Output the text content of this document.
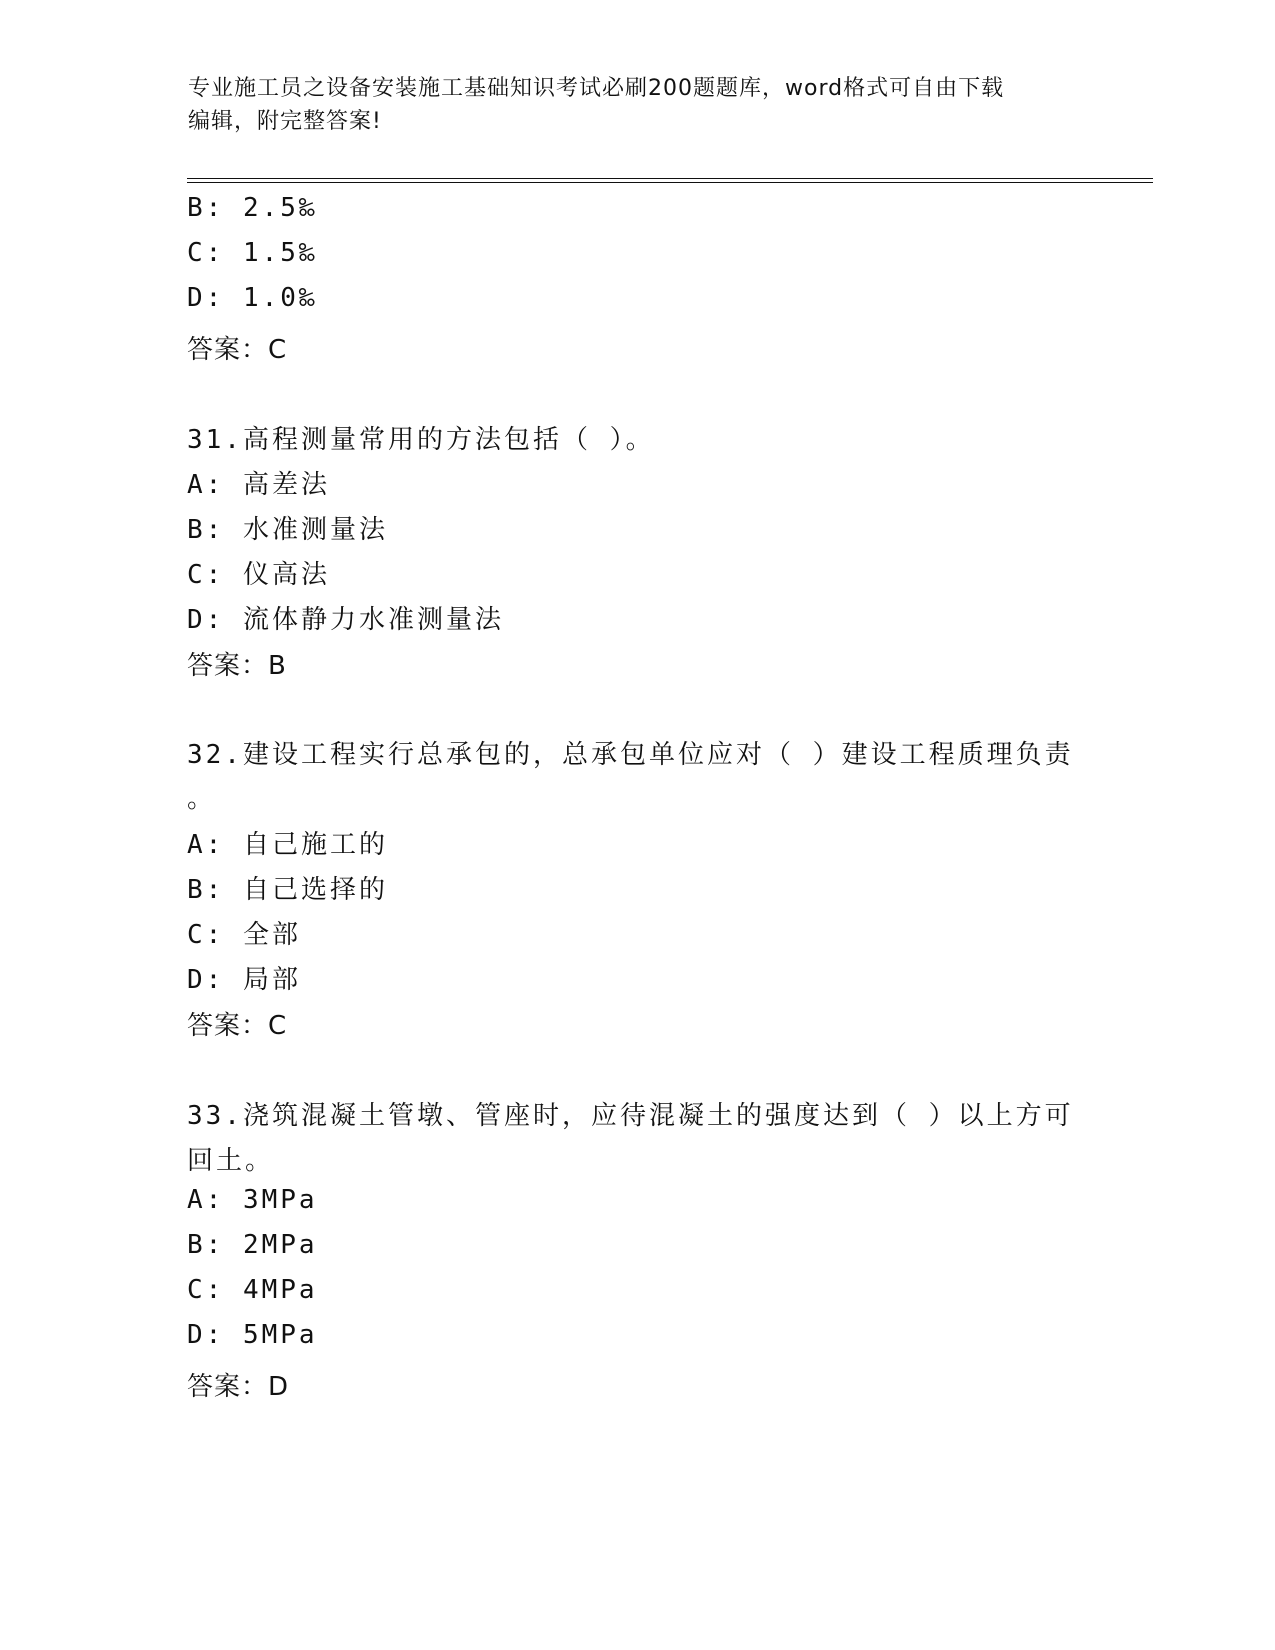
专业施工员之设备安装施工基础知识考试必刷200题题库，word格式可自由下载
编辑，附完整答案!
B: 2.5‰
C: 1.5‰
D: 1.0‰
答案：C
31.高程测量常用的方法包括（ ）。
A: 高差法
B: 水准测量法
C: 仪高法
D: 流体静力水准测量法
答案：B
32.建设工程实行总承包的，总承包单位应对（ ）建设工程质理负责
。
A: 自己施工的
B: 自己选择的
C: 全部
D: 局部
答案：C
33.浇筑混凝土管墩、管座时，应待混凝土的强度达到（ ）以上方可
回土。
A: 3MPa
B: 2MPa
C: 4MPa
D: 5MPa
答案：D
